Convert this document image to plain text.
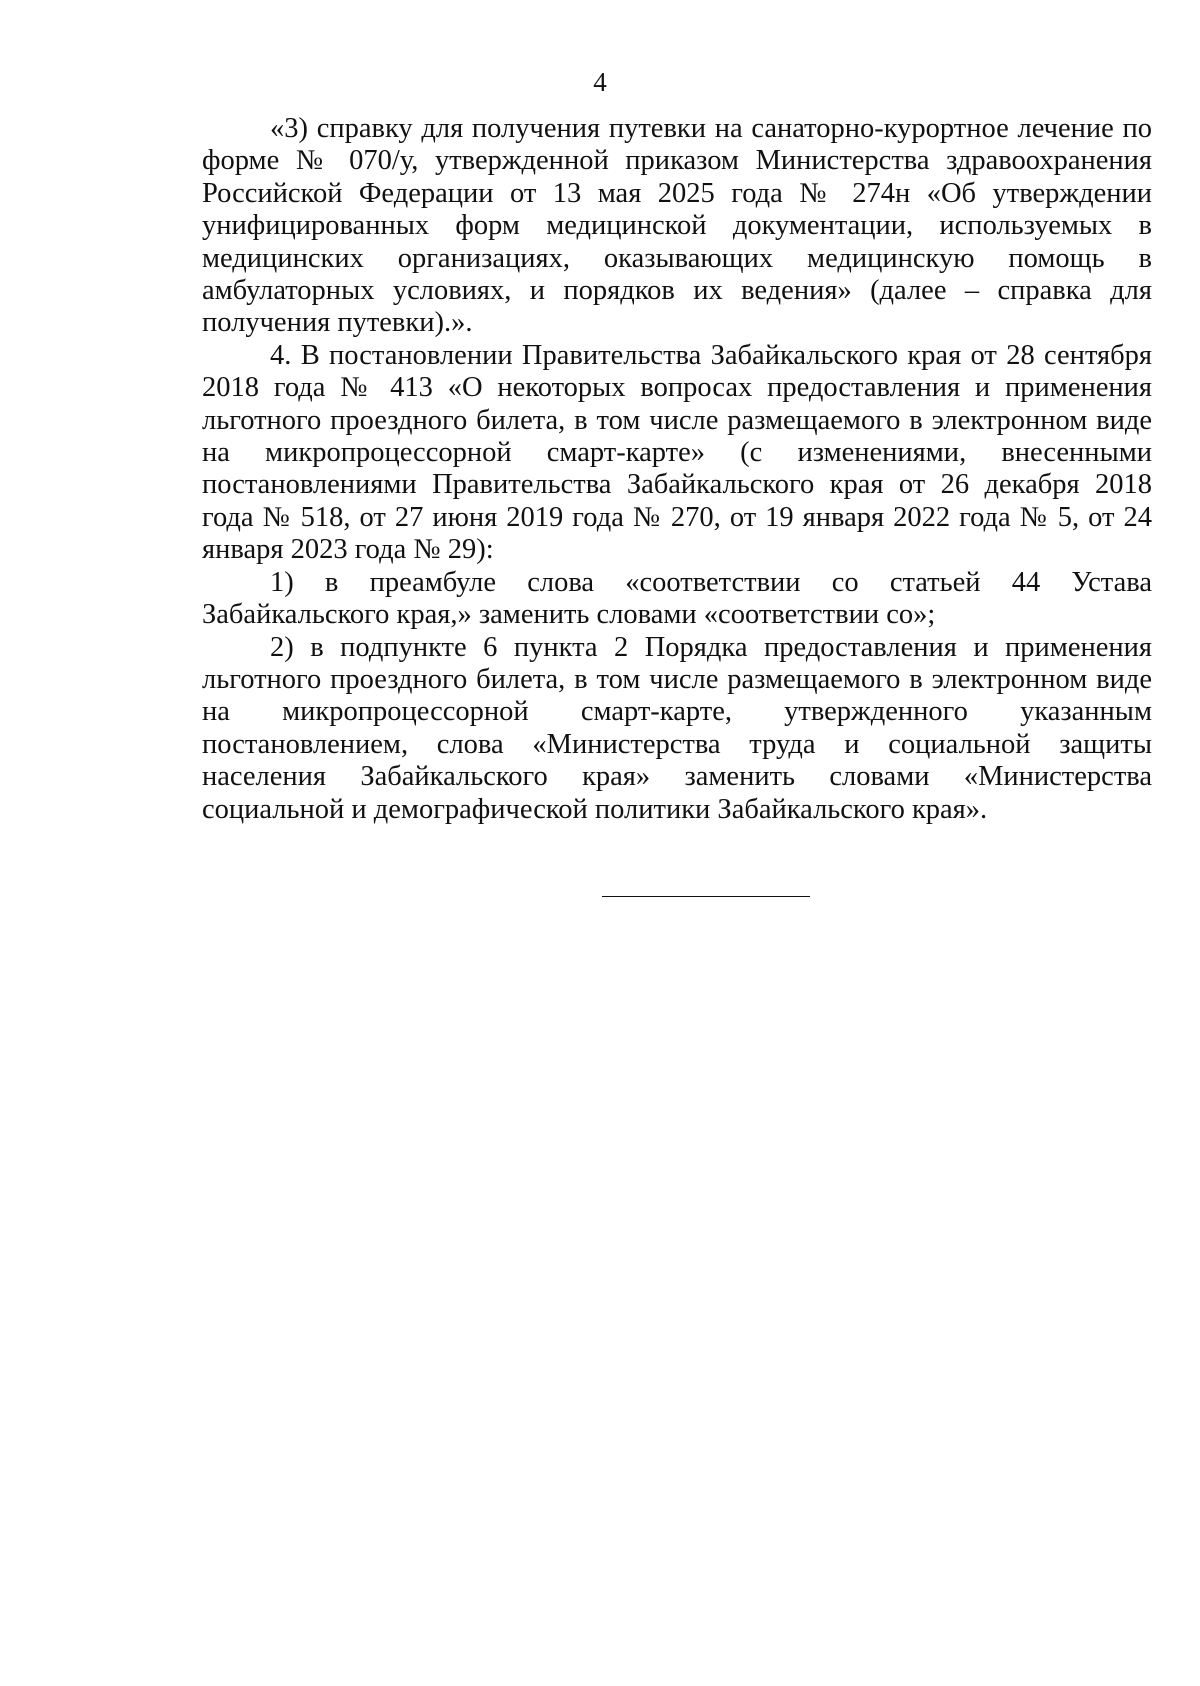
4

«3) справку для получения путевки на санаторно-курортное лечение по форме № 070/у, утвержденной приказом Министерства здравоохранения Российской Федерации от 13 мая 2025 года № 274н «Об утверждении унифицированных форм медицинской документации, используемых в медицинских организациях, оказывающих медицинскую помощь в амбулаторных условиях, и порядков их ведения» (далее – справка для получения путевки).».

4. В постановлении Правительства Забайкальского края от 28 сентября 2018 года № 413 «О некоторых вопросах предоставления и применения льготного проездного билета, в том числе размещаемого в электронном виде на микропроцессорной смарт-карте» (с изменениями, внесенными постановлениями Правительства Забайкальского края от 26 декабря 2018 года № 518, от 27 июня 2019 года № 270, от 19 января 2022 года № 5, от 24 января 2023 года № 29):

1) в преамбуле слова «соответствии со статьей 44 Устава Забайкальского края,» заменить словами «соответствии со»;

2) в подпункте 6 пункта 2 Порядка предоставления и применения льготного проездного билета, в том числе размещаемого в электронном виде на микропроцессорной смарт-карте, утвержденного указанным постановлением, слова «Министерства труда и социальной защиты населения Забайкальского края» заменить словами «Министерства социальной и демографической политики Забайкальского края».
